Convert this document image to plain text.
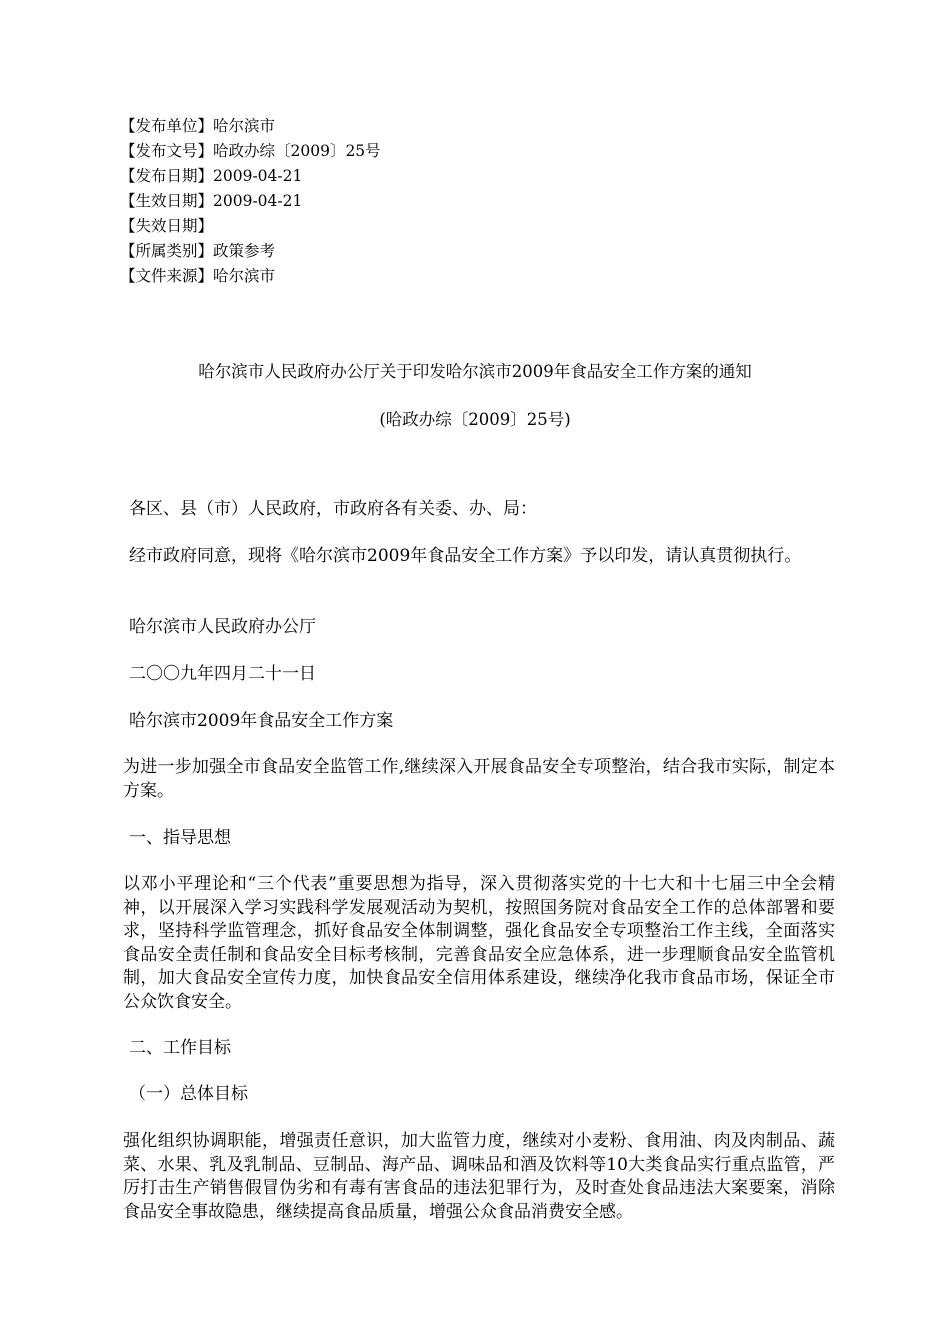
【发布单位】哈尔滨市
【发布文号】哈政办综〔2009〕25号
【发布日期】2009-04-21
【生效日期】2009-04-21
【失效日期】
【所属类别】政策参考
【文件来源】哈尔滨市
哈尔滨市人民政府办公厅关于印发哈尔滨市2009年食品安全工作方案的通知
(哈政办综〔2009〕25号)
各区、县（市）人民政府，市政府各有关委、办、局：
经市政府同意，现将《哈尔滨市2009年食品安全工作方案》予以印发，请认真贯彻执行。
哈尔滨市人民政府办公厅
二〇〇九年四月二十一日
哈尔滨市2009年食品安全工作方案
为进一步加强全市食品安全监管工作,继续深入开展食品安全专项整治，结合我市实际，制定本方案。
一、指导思想
以邓小平理论和“三个代表”重要思想为指导，深入贯彻落实党的十七大和十七届三中全会精神，以开展深入学习实践科学发展观活动为契机，按照国务院对食品安全工作的总体部署和要求，坚持科学监管理念，抓好食品安全体制调整，强化食品安全专项整治工作主线，全面落实食品安全责任制和食品安全目标考核制，完善食品安全应急体系，进一步理顺食品安全监管机制，加大食品安全宣传力度，加快食品安全信用体系建设，继续净化我市食品市场，保证全市公众饮食安全。
二、工作目标
（一）总体目标
强化组织协调职能，增强责任意识，加大监管力度，继续对小麦粉、食用油、肉及肉制品、蔬菜、水果、乳及乳制品、豆制品、海产品、调味品和酒及饮料等10大类食品实行重点监管，严厉打击生产销售假冒伪劣和有毒有害食品的违法犯罪行为，及时查处食品违法大案要案，消除食品安全事故隐患，继续提高食品质量，增强公众食品消费安全感。
